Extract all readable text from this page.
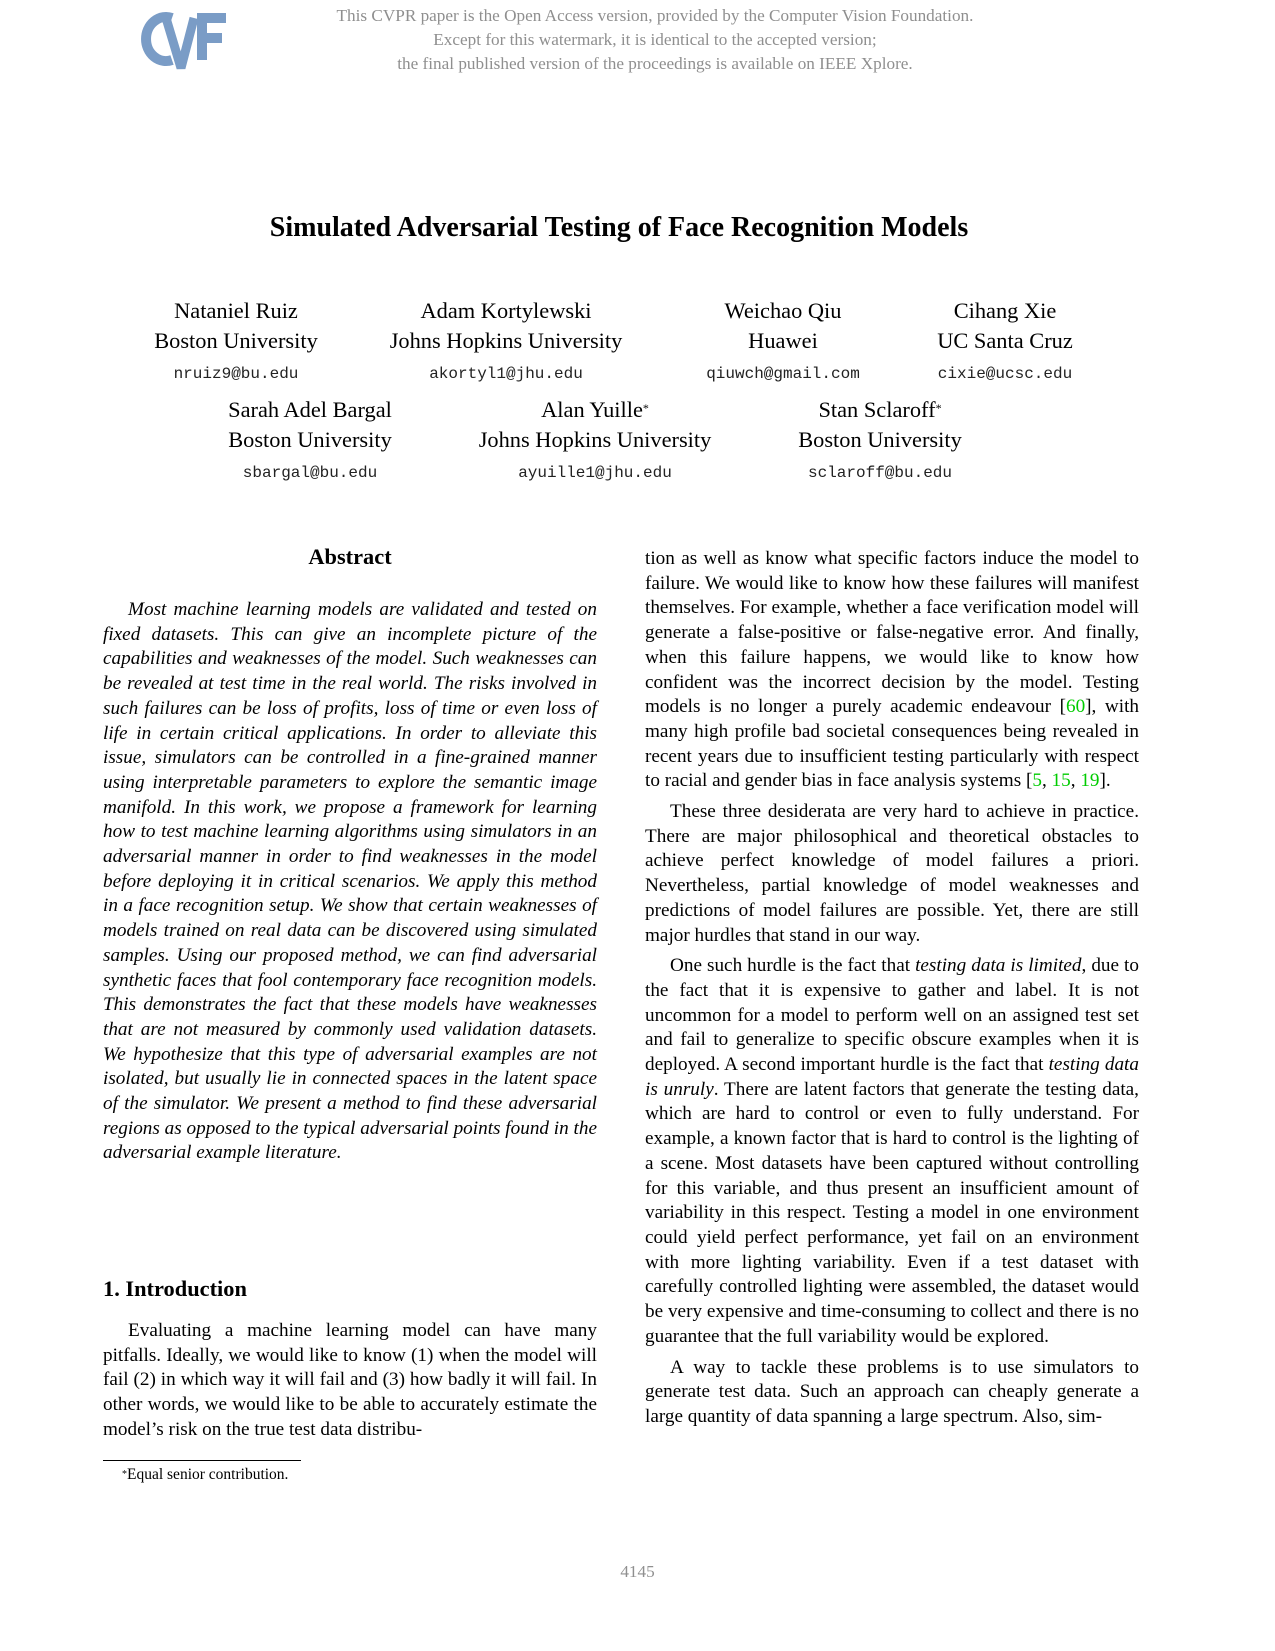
This CVPR paper is the Open Access version, provided by the Computer Vision Foundation.
Except for this watermark, it is identical to the accepted version;
the final published version of the proceedings is available on IEEE Xplore.
Simulated Adversarial Testing of Face Recognition Models
Nataniel Ruiz
Boston University
nruiz9@bu.edu
Adam Kortylewski
Johns Hopkins University
akortyl1@jhu.edu
Weichao Qiu
Huawei
qiuwch@gmail.com
Cihang Xie
UC Santa Cruz
cixie@ucsc.edu
Sarah Adel Bargal
Boston University
sbargal@bu.edu
Alan Yuille*
Johns Hopkins University
ayuille1@jhu.edu
Stan Sclaroff*
Boston University
sclaroff@bu.edu
Abstract

Most machine learning models are validated and tested on fixed datasets. This can give an incomplete picture of the capabilities and weaknesses of the model. Such weaknesses can be revealed at test time in the real world. The risks involved in such failures can be loss of profits, loss of time or even loss of life in certain critical applications. In order to alleviate this issue, simulators can be controlled in a fine-grained manner using interpretable parameters to explore the semantic image manifold. In this work, we propose a framework for learning how to test machine learning algorithms using simulators in an adversarial manner in order to find weaknesses in the model before deploying it in critical scenarios. We apply this method in a face recognition setup. We show that certain weaknesses of models trained on real data can be discovered using simulated samples. Using our proposed method, we can find adversarial synthetic faces that fool contemporary face recognition models. This demonstrates the fact that these models have weaknesses that are not measured by commonly used validation datasets. We hypothesize that this type of adversarial examples are not isolated, but usually lie in connected spaces in the latent space of the simulator. We present a method to find these adversarial regions as opposed to the typical adversarial points found in the adversarial example literature.

1. Introduction

Evaluating a machine learning model can have many pitfalls. Ideally, we would like to know (1) when the model will fail (2) in which way it will fail and (3) how badly it will fail. In other words, we would like to be able to accurately estimate the model’s risk on the true test data distribu-

*Equal senior contribution.

tion as well as know what specific factors induce the model to failure. We would like to know how these failures will manifest themselves. For example, whether a face verification model will generate a false-positive or false-negative error. And finally, when this failure happens, we would like to know how confident was the incorrect decision by the model. Testing models is no longer a purely academic endeavour [60], with many high profile bad societal consequences being revealed in recent years due to insufficient testing particularly with respect to racial and gender bias in face analysis systems [5, 15, 19].

These three desiderata are very hard to achieve in practice. There are major philosophical and theoretical obstacles to achieve perfect knowledge of model failures a priori. Nevertheless, partial knowledge of model weaknesses and predictions of model failures are possible. Yet, there are still major hurdles that stand in our way.

One such hurdle is the fact that testing data is limited, due to the fact that it is expensive to gather and label. It is not uncommon for a model to perform well on an assigned test set and fail to generalize to specific obscure examples when it is deployed. A second important hurdle is the fact that testing data is unruly. There are latent factors that generate the testing data, which are hard to control or even to fully understand. For example, a known factor that is hard to control is the lighting of a scene. Most datasets have been captured without controlling for this variable, and thus present an insufficient amount of variability in this respect. Testing a model in one environment could yield perfect performance, yet fail on an environment with more lighting variability. Even if a test dataset with carefully controlled lighting were assembled, the dataset would be very expensive and time-consuming to collect and there is no guarantee that the full variability would be explored.

A way to tackle these problems is to use simulators to generate test data. Such an approach can cheaply generate a large quantity of data spanning a large spectrum. Also, sim-

4145
